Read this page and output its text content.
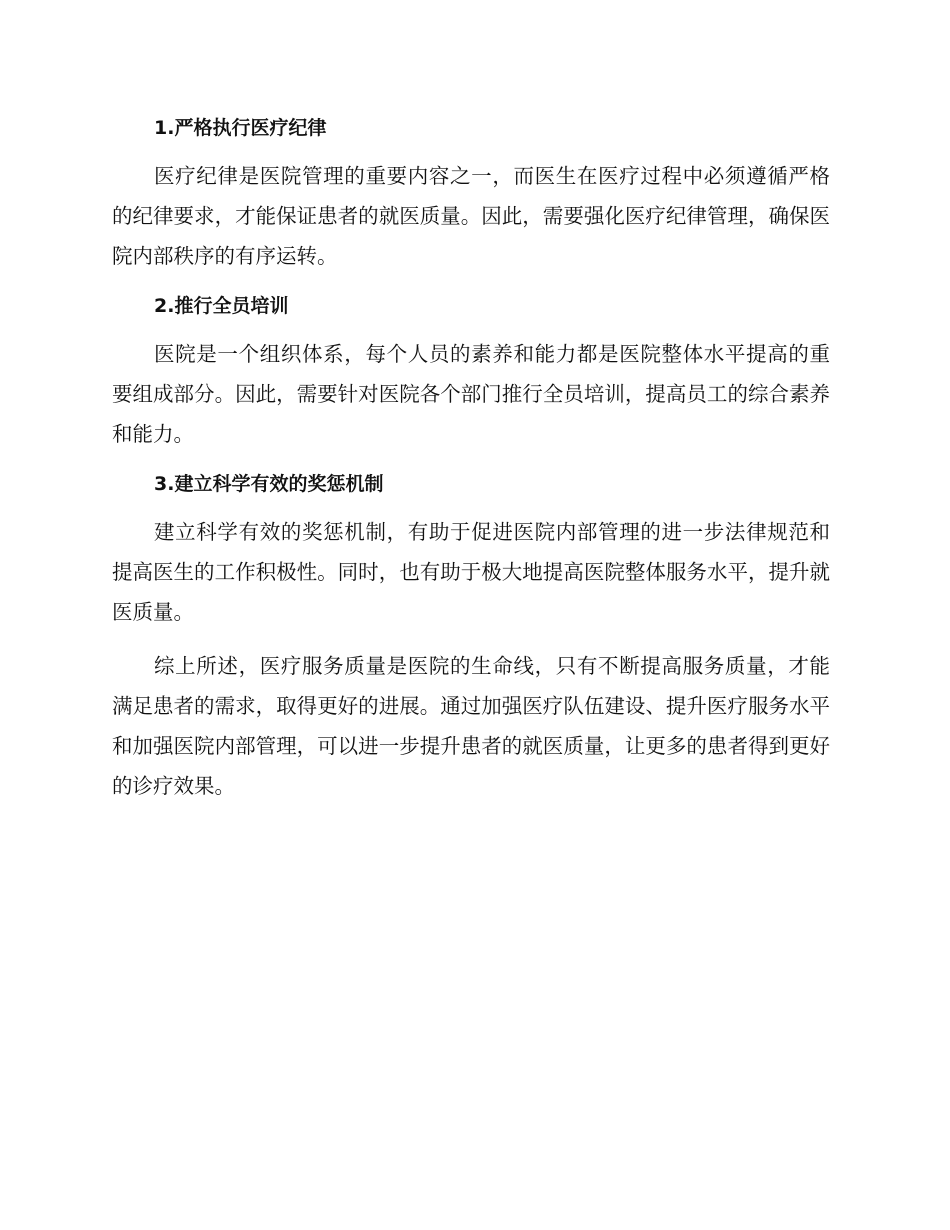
1.严格执行医疗纪律

医疗纪律是医院管理的重要内容之一，而医生在医疗过程中必须遵循严格的纪律要求，才能保证患者的就医质量。因此，需要强化医疗纪律管理，确保医院内部秩序的有序运转。

2.推行全员培训

医院是一个组织体系，每个人员的素养和能力都是医院整体水平提高的重要组成部分。因此，需要针对医院各个部门推行全员培训，提高员工的综合素养和能力。

3.建立科学有效的奖惩机制

建立科学有效的奖惩机制，有助于促进医院内部管理的进一步法律规范和提高医生的工作积极性。同时，也有助于极大地提高医院整体服务水平，提升就医质量。

综上所述，医疗服务质量是医院的生命线，只有不断提高服务质量，才能满足患者的需求，取得更好的进展。通过加强医疗队伍建设、提升医疗服务水平和加强医院内部管理，可以进一步提升患者的就医质量，让更多的患者得到更好的诊疗效果。
